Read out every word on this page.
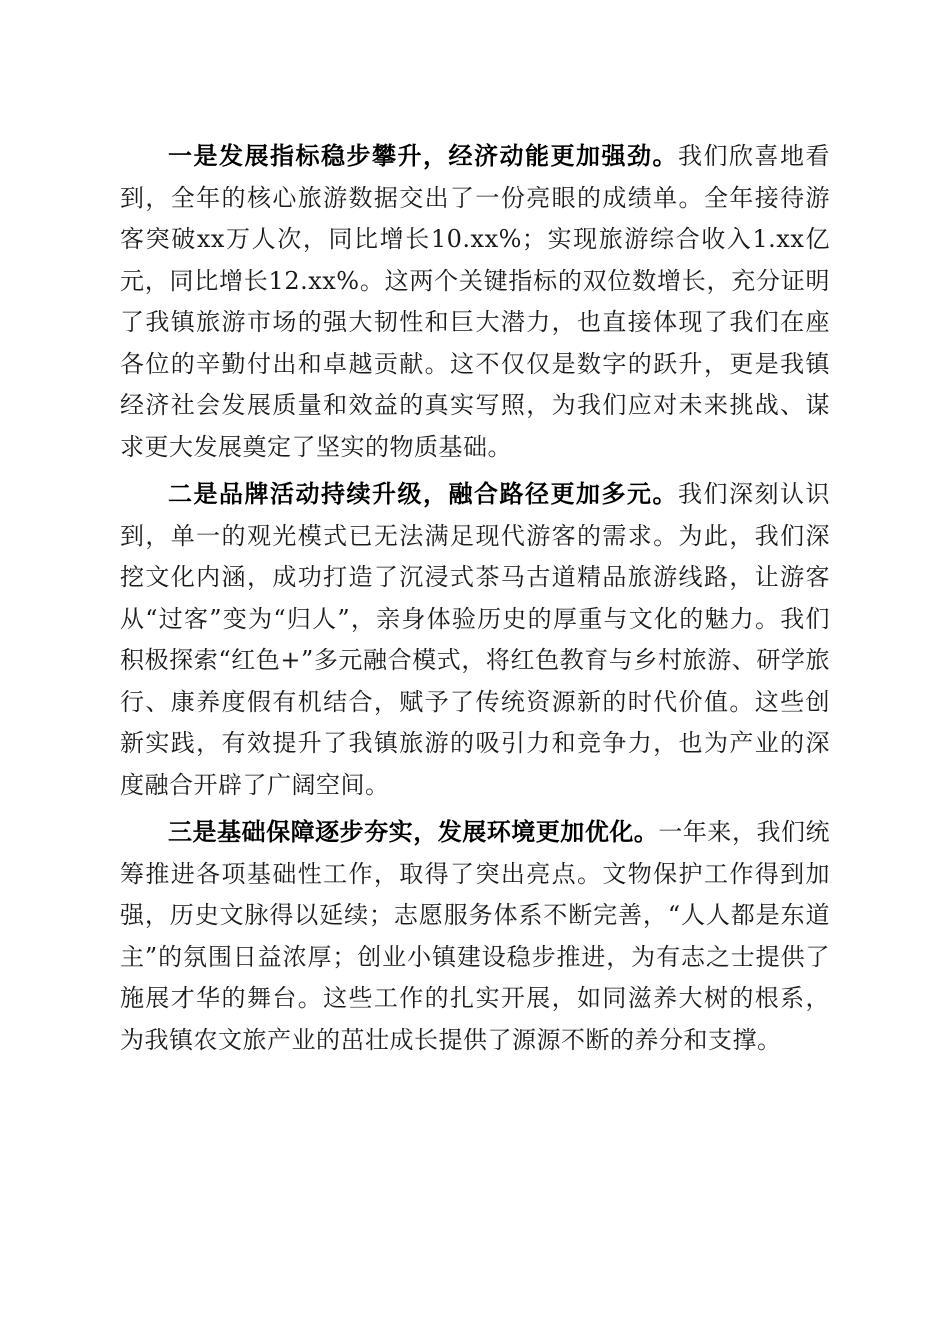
一是发展指标稳步攀升，经济动能更加强劲。我们欣喜地看到，全年的核心旅游数据交出了一份亮眼的成绩单。全年接待游客突破xx万人次，同比增长10.xx%；实现旅游综合收入1.xx亿元，同比增长12.xx%。这两个关键指标的双位数增长，充分证明了我镇旅游市场的强大韧性和巨大潜力，也直接体现了我们在座各位的辛勤付出和卓越贡献。这不仅仅是数字的跃升，更是我镇经济社会发展质量和效益的真实写照，为我们应对未来挑战、谋求更大发展奠定了坚实的物质基础。

二是品牌活动持续升级，融合路径更加多元。我们深刻认识到，单一的观光模式已无法满足现代游客的需求。为此，我们深挖文化内涵，成功打造了沉浸式茶马古道精品旅游线路，让游客从“过客”变为“归人”，亲身体验历史的厚重与文化的魅力。我们积极探索“红色+”多元融合模式，将红色教育与乡村旅游、研学旅行、康养度假有机结合，赋予了传统资源新的时代价值。这些创新实践，有效提升了我镇旅游的吸引力和竞争力，也为产业的深度融合开辟了广阔空间。

三是基础保障逐步夯实，发展环境更加优化。一年来，我们统筹推进各项基础性工作，取得了突出亮点。文物保护工作得到加强，历史文脉得以延续；志愿服务体系不断完善，“人人都是东道主”的氛围日益浓厚；创业小镇建设稳步推进，为有志之士提供了施展才华的舞台。这些工作的扎实开展，如同滋养大树的根系，为我镇农文旅产业的茁壮成长提供了源源不断的养分和支撑。
